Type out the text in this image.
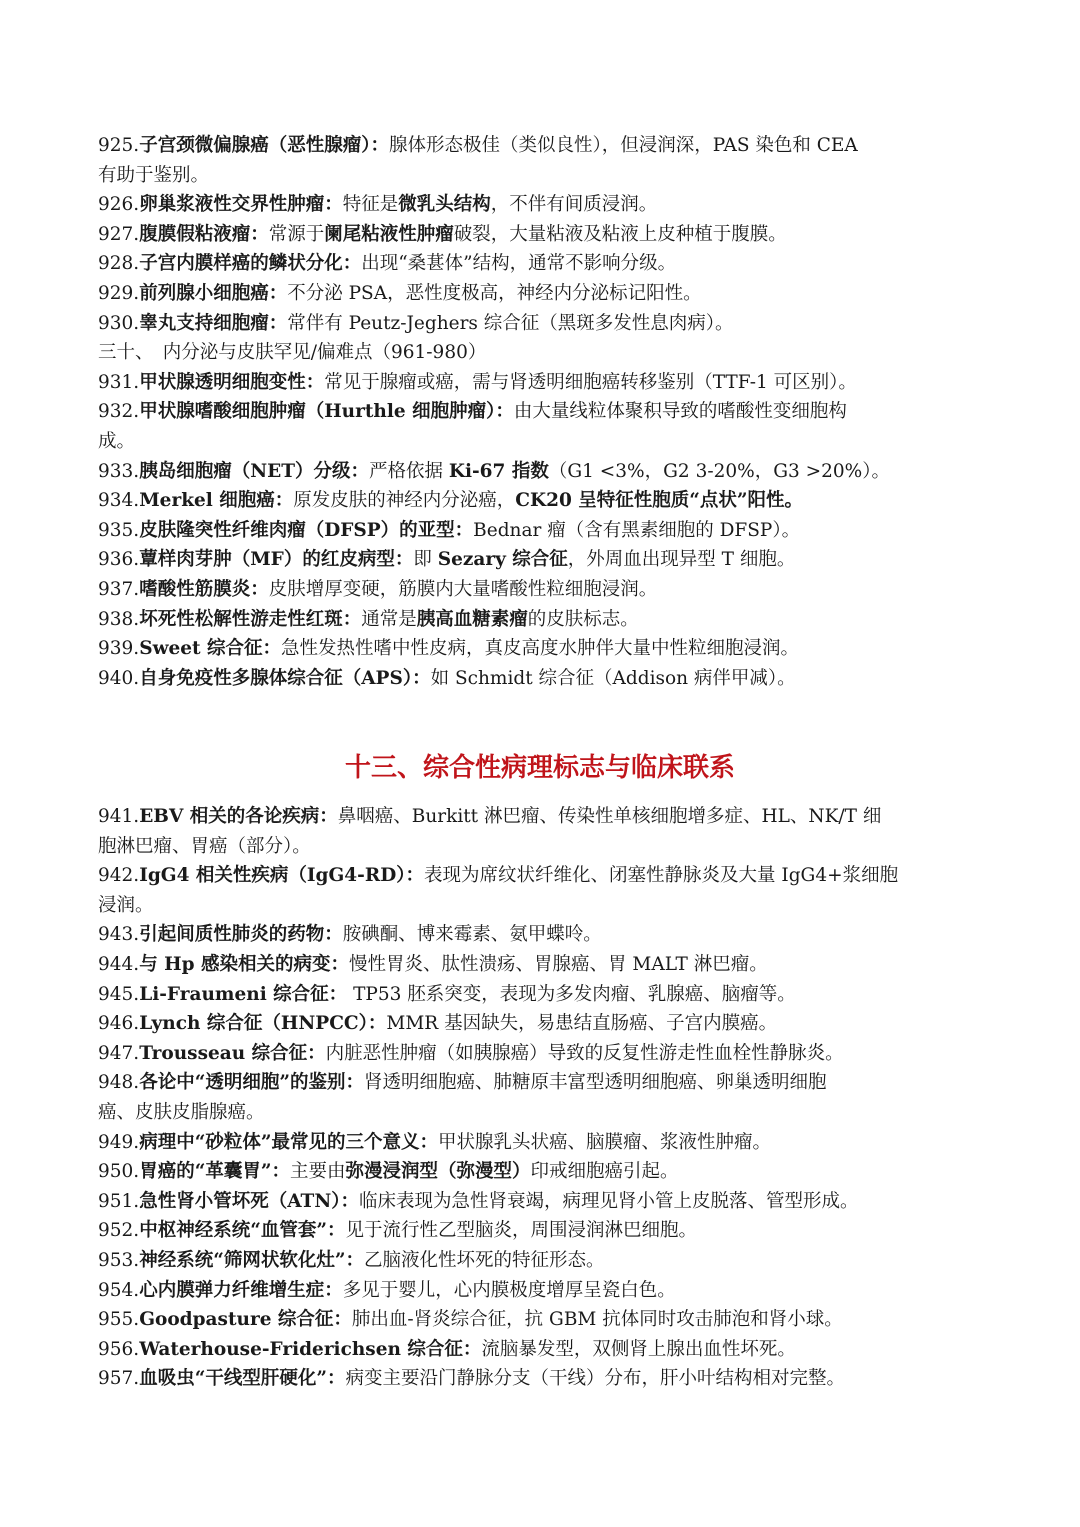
925.子宫颈微偏腺癌（恶性腺瘤）：腺体形态极佳（类似良性），但浸润深，PAS 染色和 CEA
有助于鉴别。
926.卵巢浆液性交界性肿瘤：特征是微乳头结构，不伴有间质浸润。
927.腹膜假粘液瘤：常源于阑尾粘液性肿瘤破裂，大量粘液及粘液上皮种植于腹膜。
928.子宫内膜样癌的鳞状分化：出现“桑葚体”结构，通常不影响分级。
929.前列腺小细胞癌：不分泌 PSA，恶性度极高，神经内分泌标记阳性。
930.睾丸支持细胞瘤：常伴有 Peutz-Jeghers 综合征（黑斑多发性息肉病）。
三十、　内分泌与皮肤罕见/偏难点（961-980）
931.甲状腺透明细胞变性：常见于腺瘤或癌，需与肾透明细胞癌转移鉴别（TTF-1 可区别）。
932.甲状腺嗜酸细胞肿瘤（Hurthle 细胞肿瘤）：由大量线粒体聚积导致的嗜酸性变细胞构
成。
933.胰岛细胞瘤（NET）分级：严格依据 Ki-67 指数（G1 <3%，G2 3-20%，G3 >20%）。
934.Merkel 细胞癌：原发皮肤的神经内分泌癌，CK20 呈特征性胞质“点状”阳性。
935.皮肤隆突性纤维肉瘤（DFSP）的亚型：Bednar 瘤（含有黑素细胞的 DFSP）。
936.蕈样肉芽肿（MF）的红皮病型：即 Sezary 综合征，外周血出现异型 T 细胞。
937.嗜酸性筋膜炎：皮肤增厚变硬，筋膜内大量嗜酸性粒细胞浸润。
938.坏死性松解性游走性红斑：通常是胰高血糖素瘤的皮肤标志。
939.Sweet 综合征：急性发热性嗜中性皮病，真皮高度水肿伴大量中性粒细胞浸润。
940.自身免疫性多腺体综合征（APS）：如 Schmidt 综合征（Addison 病伴甲减）。
十三、综合性病理标志与临床联系
941.EBV 相关的各论疾病：鼻咽癌、Burkitt 淋巴瘤、传染性单核细胞增多症、HL、NK/T 细
胞淋巴瘤、胃癌（部分）。
942.IgG4 相关性疾病（IgG4-RD）：表现为席纹状纤维化、闭塞性静脉炎及大量 IgG4+浆细胞
浸润。
943.引起间质性肺炎的药物：胺碘酮、博来霉素、氨甲蝶呤。
944.与 Hp 感染相关的病变：慢性胃炎、肽性溃疡、胃腺癌、胃 MALT 淋巴瘤。
945.Li-Fraumeni 综合征： TP53 胚系突变，表现为多发肉瘤、乳腺癌、脑瘤等。
946.Lynch 综合征（HNPCC）：MMR 基因缺失，易患结直肠癌、子宫内膜癌。
947.Trousseau 综合征：内脏恶性肿瘤（如胰腺癌）导致的反复性游走性血栓性静脉炎。
948.各论中“透明细胞”的鉴别：肾透明细胞癌、肺糖原丰富型透明细胞癌、卵巢透明细胞
癌、皮肤皮脂腺癌。
949.病理中“砂粒体”最常见的三个意义：甲状腺乳头状癌、脑膜瘤、浆液性肿瘤。
950.胃癌的“革囊胃”：主要由弥漫浸润型（弥漫型）印戒细胞癌引起。
951.急性肾小管坏死（ATN）：临床表现为急性肾衰竭，病理见肾小管上皮脱落、管型形成。
952.中枢神经系统“血管套”：见于流行性乙型脑炎，周围浸润淋巴细胞。
953.神经系统“筛网状软化灶”：乙脑液化性坏死的特征形态。
954.心内膜弹力纤维增生症：多见于婴儿，心内膜极度增厚呈瓷白色。
955.Goodpasture 综合征：肺出血-肾炎综合征，抗 GBM 抗体同时攻击肺泡和肾小球。
956.Waterhouse-Friderichsen 综合征：流脑暴发型，双侧肾上腺出血性坏死。
957.血吸虫“干线型肝硬化”：病变主要沿门静脉分支（干线）分布，肝小叶结构相对完整。
